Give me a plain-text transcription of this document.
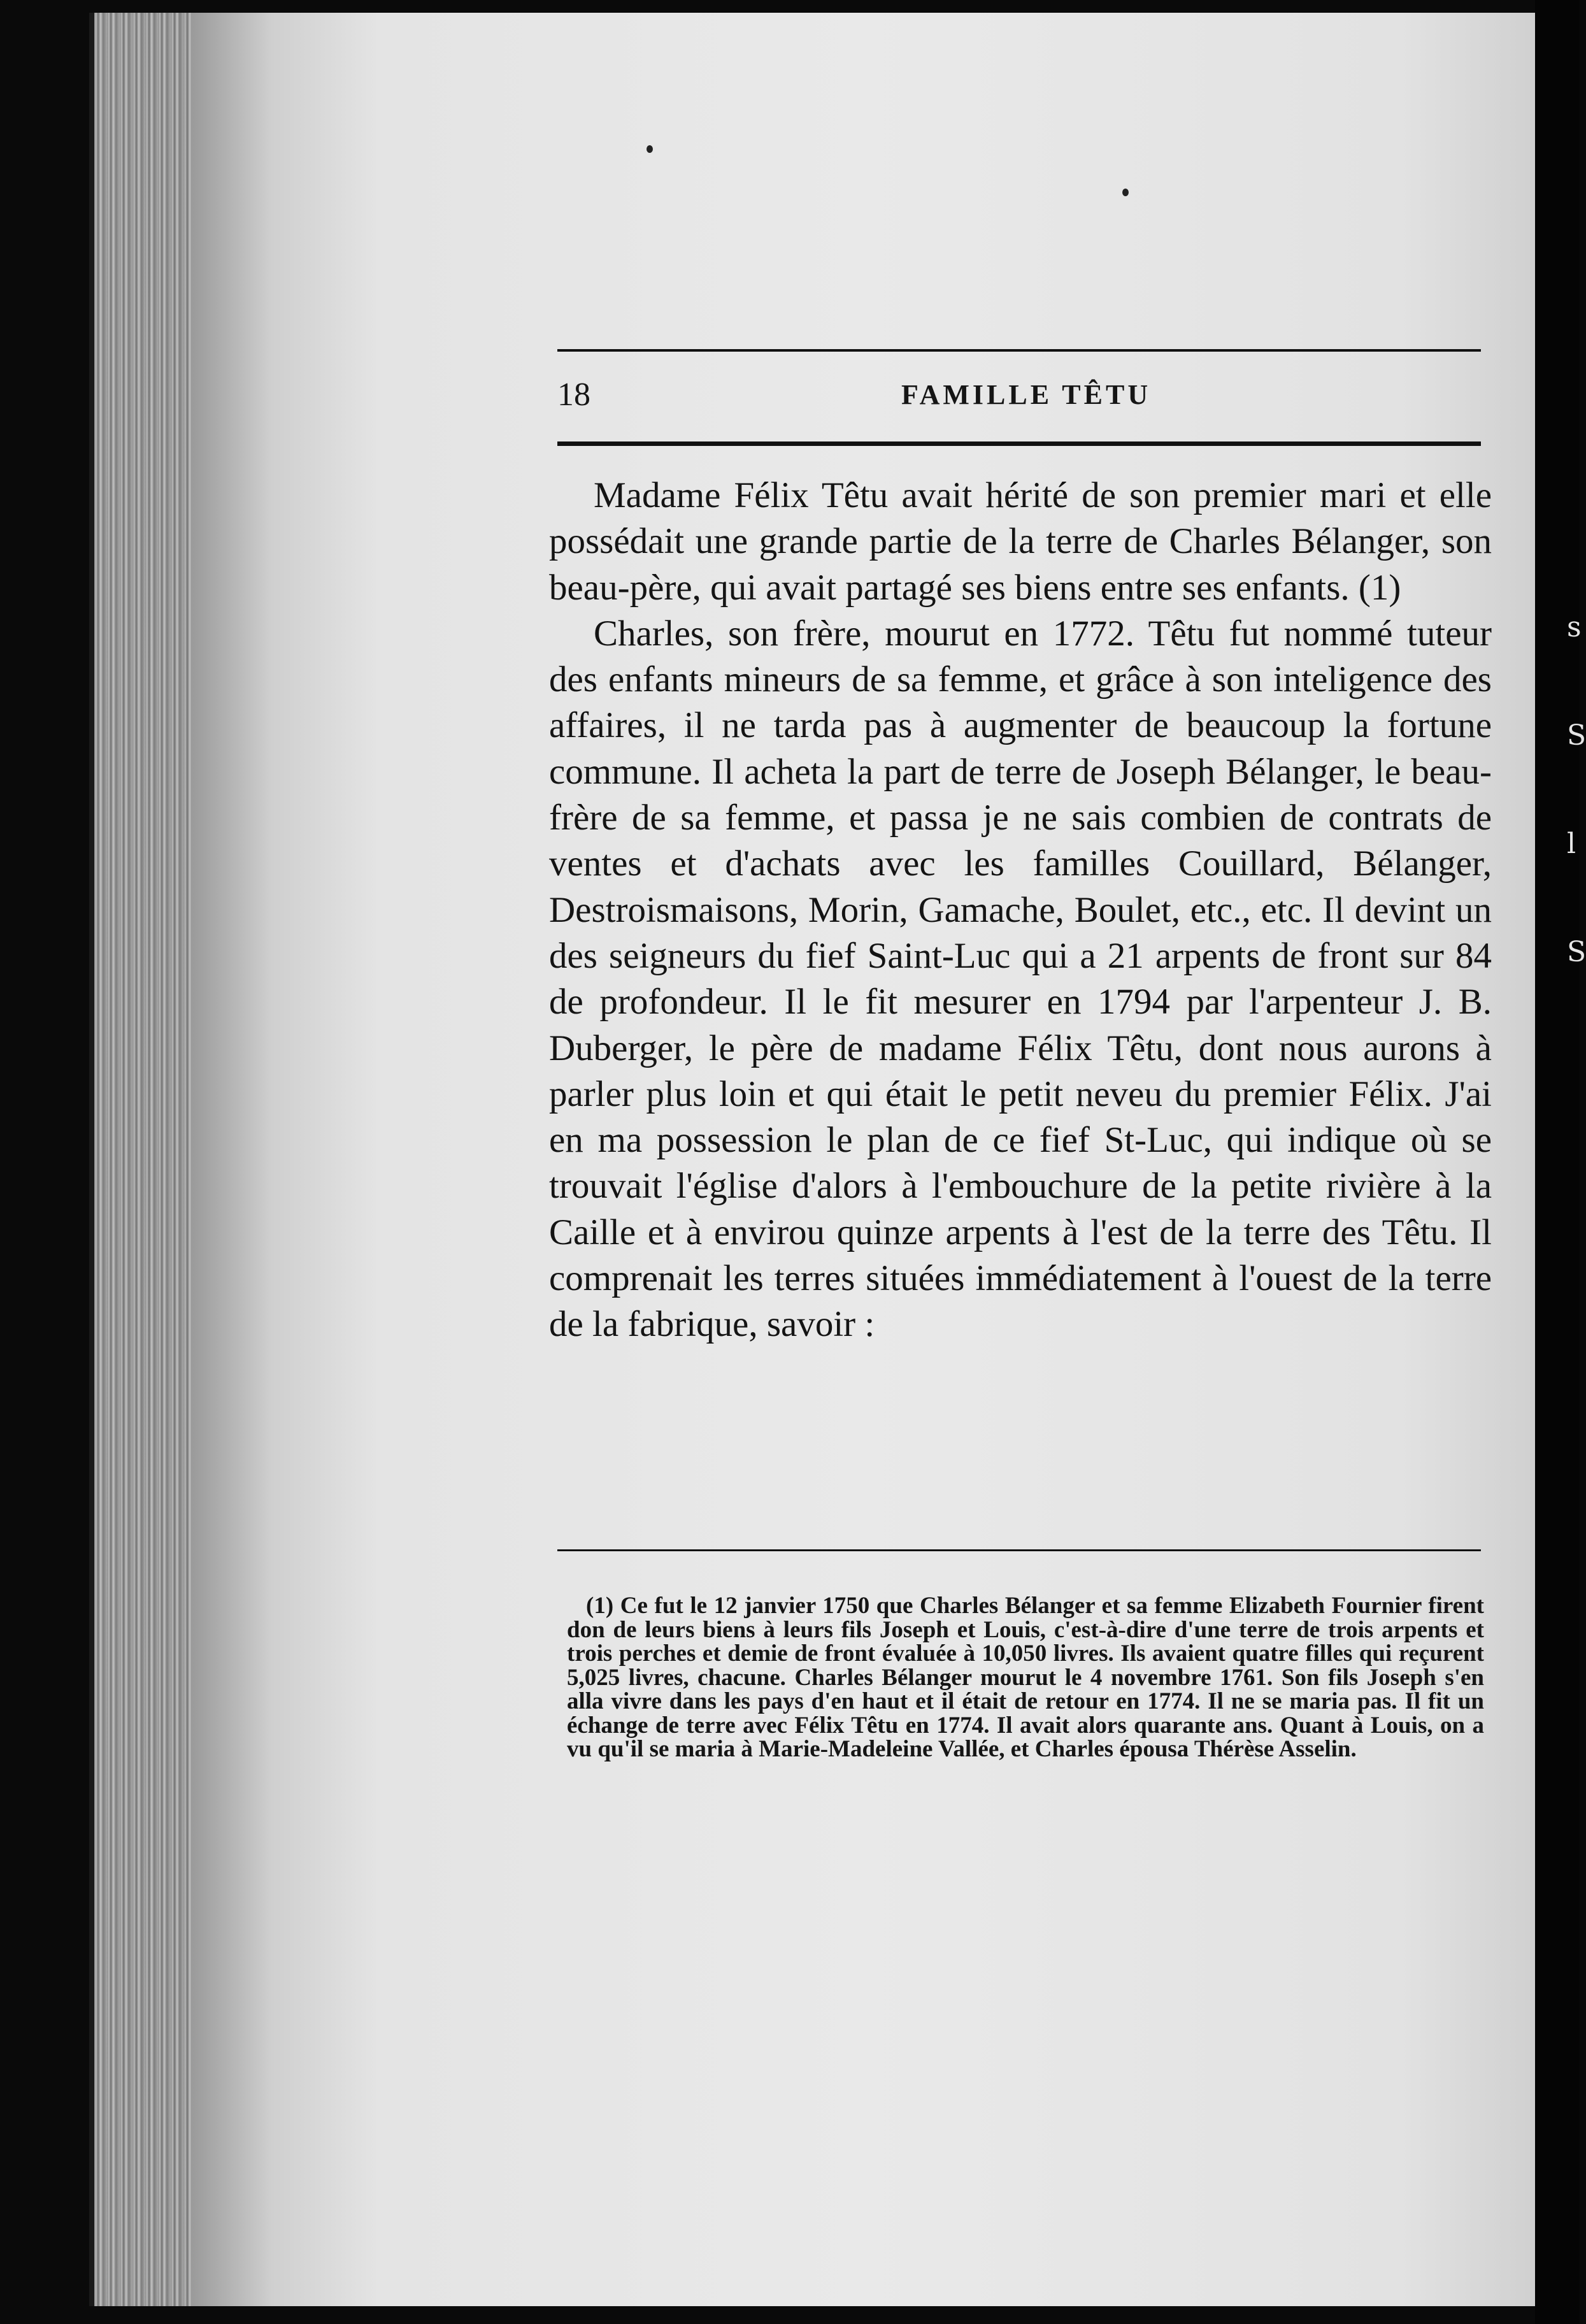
s
S
l
S
18	FAMILLE TÊTU

Madame Félix Têtu avait hérité de son premier mari et elle possédait une grande partie de la terre de Charles Bélanger, son beau-père, qui avait partagé ses biens entre ses enfants. (1)

Charles, son frère, mourut en 1772. Têtu fut nommé tuteur des enfants mineurs de sa femme, et grâce à son inteligence des affaires, il ne tarda pas à augmenter de beaucoup la fortune commune. Il acheta la part de terre de Joseph Bélanger, le beau-frère de sa femme, et passa je ne sais combien de contrats de ventes et d'achats avec les familles Couillard, Bélanger, Destroismaisons, Morin, Gamache, Boulet, etc., etc. Il devint un des seigneurs du fief Saint-Luc qui a 21 arpents de front sur 84 de profondeur. Il le fit mesurer en 1794 par l'arpenteur J. B. Duberger, le père de madame Félix Têtu, dont nous aurons à parler plus loin et qui était le petit neveu du premier Félix. J'ai en ma possession le plan de ce fief St-Luc, qui indique où se trouvait l'église d'alors à l'embouchure de la petite rivière à la Caille et à envirou quinze arpents à l'est de la terre des Têtu. Il comprenait les terres situées immédiatement à l'ouest de la terre de la fabrique, savoir :

(1) Ce fut le 12 janvier 1750 que Charles Bélanger et sa femme Elizabeth Fournier firent don de leurs biens à leurs fils Joseph et Louis, c'est-à-dire d'une terre de trois arpents et trois perches et demie de front évaluée à 10,050 livres. Ils avaient quatre filles qui reçurent 5,025 livres, chacune. Charles Bélanger mourut le 4 novembre 1761. Son fils Joseph s'en alla vivre dans les pays d'en haut et il était de retour en 1774. Il ne se maria pas. Il fit un échange de terre avec Félix Têtu en 1774. Il avait alors quarante ans. Quant à Louis, on a vu qu'il se maria à Marie-Madeleine Vallée, et Charles épousa Thérèse Asselin.
